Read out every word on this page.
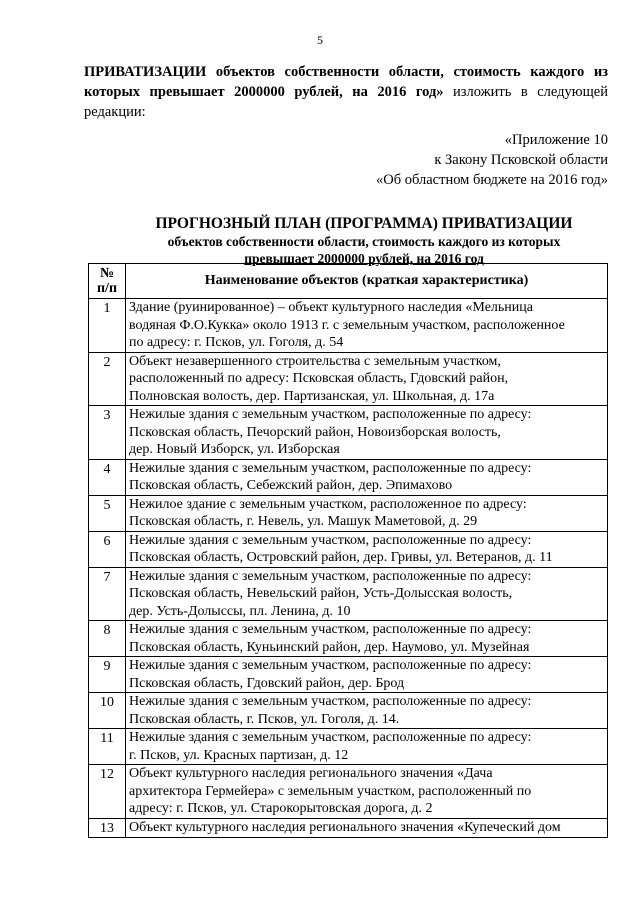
5
ПРИВАТИЗАЦИИ объектов собственности области, стоимость каждого из которых превышает 2000000 рублей, на 2016 год» изложить в следующей редакции:
«Приложение 10
к Закону Псковской области
«Об областном бюджете на 2016 год»
ПРОГНОЗНЫЙ ПЛАН (ПРОГРАММА) ПРИВАТИЗАЦИИ
объектов собственности области, стоимость каждого из которых
превышает 2000000 рублей, на 2016 год
№
п/п	Наименование объектов (краткая характеристика)
1	Здание (руинированное) – объект культурного наследия «Мельница
водяная Ф.О.Кукка» около 1913 г. с земельным участком, расположенное
по адресу: г. Псков, ул. Гоголя, д. 54

2	Объект незавершенного строительства с земельным участком,
расположенный по адресу: Псковская область, Гдовский район,
Полновская волость, дер. Партизанская, ул. Школьная, д. 17а

3	Нежилые здания с земельным участком, расположенные по адресу:
Псковская область, Печорский район, Новоизборская волость,
дер. Новый Изборск, ул. Изборская

4	Нежилые здания с земельным участком, расположенные по адресу:
Псковская область, Себежский район, дер. Эпимахово

5	Нежилое здание с земельным участком, расположенное по адресу:
Псковская область, г. Невель, ул. Машук Маметовой, д. 29

6	Нежилые здания с земельным участком, расположенные по адресу:
Псковская область, Островский район, дер. Гривы, ул. Ветеранов, д. 11

7	Нежилые здания с земельным участком, расположенные по адресу:
Псковская область, Невельский район, Усть-Долысская волость,
дер. Усть-Долыссы, пл. Ленина, д. 10

8	Нежилые здания с земельным участком, расположенные по адресу:
Псковская область, Куньинский район, дер. Наумово, ул. Музейная

9	Нежилые здания с земельным участком, расположенные по адресу:
Псковская область, Гдовский район, дер. Брод

10	Нежилые здания с земельным участком, расположенные по адресу:
Псковская область, г. Псков, ул. Гоголя, д. 14.

11	Нежилые здания с земельным участком, расположенные по адресу:
г. Псков, ул. Красных партизан, д. 12

12	Объект культурного наследия регионального значения «Дача
архитектора Гермейера» с земельным участком, расположенный по
адресу: г. Псков, ул. Старокорытовская дорога, д. 2

13	Объект культурного наследия регионального значения «Купеческий дом
